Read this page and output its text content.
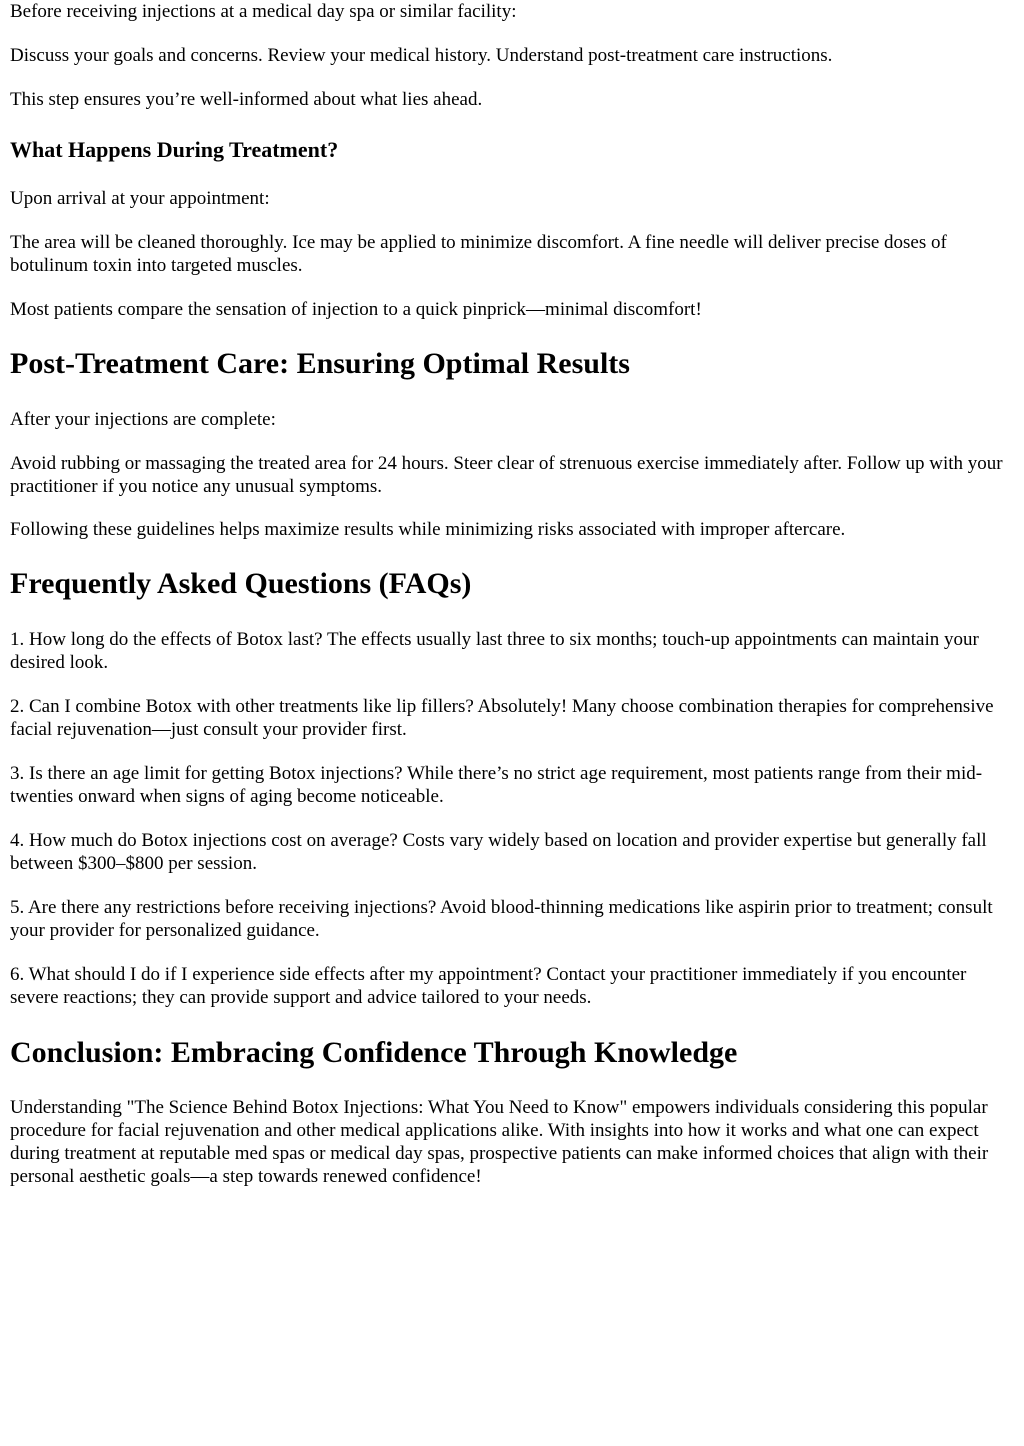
Before receiving injections at a medical day spa or similar facility:

Discuss your goals and concerns. Review your medical history. Understand post-treatment care instructions.

This step ensures you’re well-informed about what lies ahead.

What Happens During Treatment?

Upon arrival at your appointment:

The area will be cleaned thoroughly. Ice may be applied to minimize discomfort. A fine needle will deliver precise doses of botulinum toxin into targeted muscles.

Most patients compare the sensation of injection to a quick pinprick—minimal discomfort!

Post-Treatment Care: Ensuring Optimal Results

After your injections are complete:

Avoid rubbing or massaging the treated area for 24 hours. Steer clear of strenuous exercise immediately after. Follow up with your practitioner if you notice any unusual symptoms.

Following these guidelines helps maximize results while minimizing risks associated with improper aftercare.

Frequently Asked Questions (FAQs)

1. How long do the effects of Botox last? The effects usually last three to six months; touch-up appointments can maintain your desired look.

2. Can I combine Botox with other treatments like lip fillers? Absolutely! Many choose combination therapies for comprehensive facial rejuvenation—just consult your provider first.

3. Is there an age limit for getting Botox injections? While there’s no strict age requirement, most patients range from their mid-twenties onward when signs of aging become noticeable.

4. How much do Botox injections cost on average? Costs vary widely based on location and provider expertise but generally fall between $300–$800 per session.

5. Are there any restrictions before receiving injections? Avoid blood-thinning medications like aspirin prior to treatment; consult your provider for personalized guidance.

6. What should I do if I experience side effects after my appointment? Contact your practitioner immediately if you encounter severe reactions; they can provide support and advice tailored to your needs.

Conclusion: Embracing Confidence Through Knowledge

Understanding "The Science Behind Botox Injections: What You Need to Know" empowers individuals considering this popular procedure for facial rejuvenation and other medical applications alike. With insights into how it works and what one can expect during treatment at reputable med spas or medical day spas, prospective patients can make informed choices that align with their personal aesthetic goals—a step towards renewed confidence!
